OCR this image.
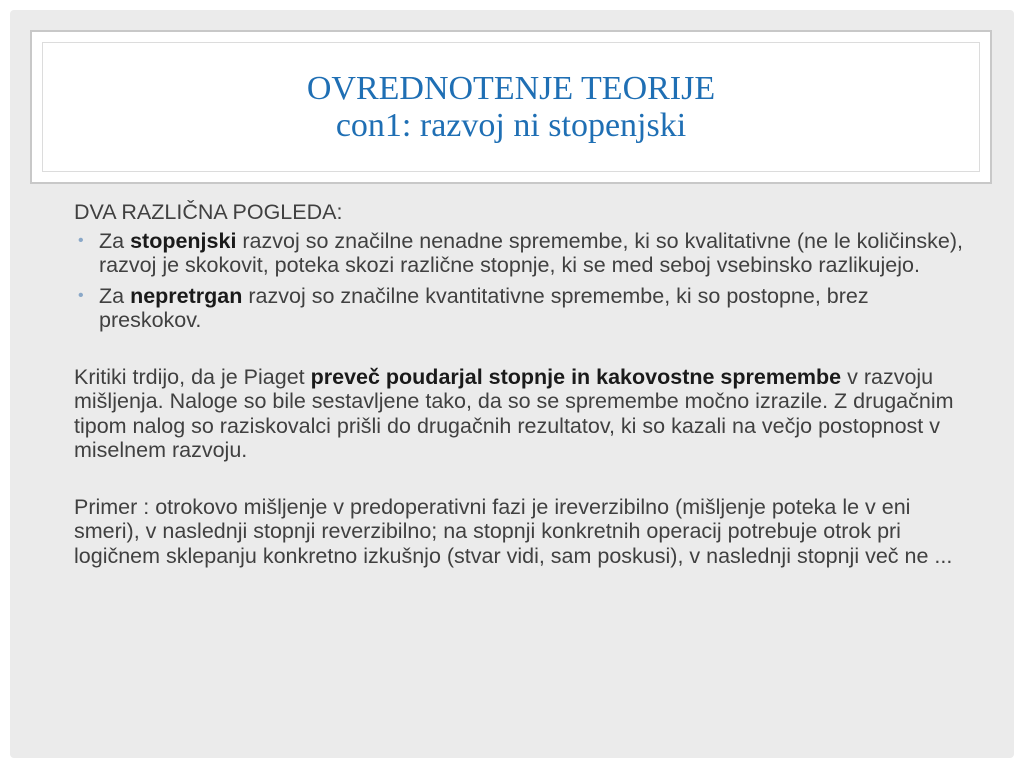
OVREDNOTENJE TEORIJE

con1: razvoj ni stopenjski

DVA RAZLIČNA POGLEDA:

• Za stopenjski razvoj so značilne nenadne spremembe, ki so kvalitativne (ne le količinske), razvoj je skokovit, poteka skozi različne stopnje, ki se med seboj vsebinsko razlikujejo.
• Za nepretrgan razvoj so značilne kvantitativne spremembe, ki so postopne, brez preskokov.

Kritiki trdijo, da je Piaget preveč poudarjal stopnje in kakovostne spremembe v razvoju mišljenja. Naloge so bile sestavljene tako, da so se spremembe močno izrazile. Z drugačnim tipom nalog so raziskovalci prišli do drugačnih rezultatov, ki so kazali na večjo postopnost v miselnem razvoju.

Primer : otrokovo mišljenje v predoperativni fazi je ireverzibilno (mišljenje poteka le v eni smeri), v naslednji stopnji reverzibilno; na stopnji konkretnih operacij potrebuje otrok pri logičnem sklepanju konkretno izkušnjo (stvar vidi, sam poskusi), v naslednji stopnji več ne ...
